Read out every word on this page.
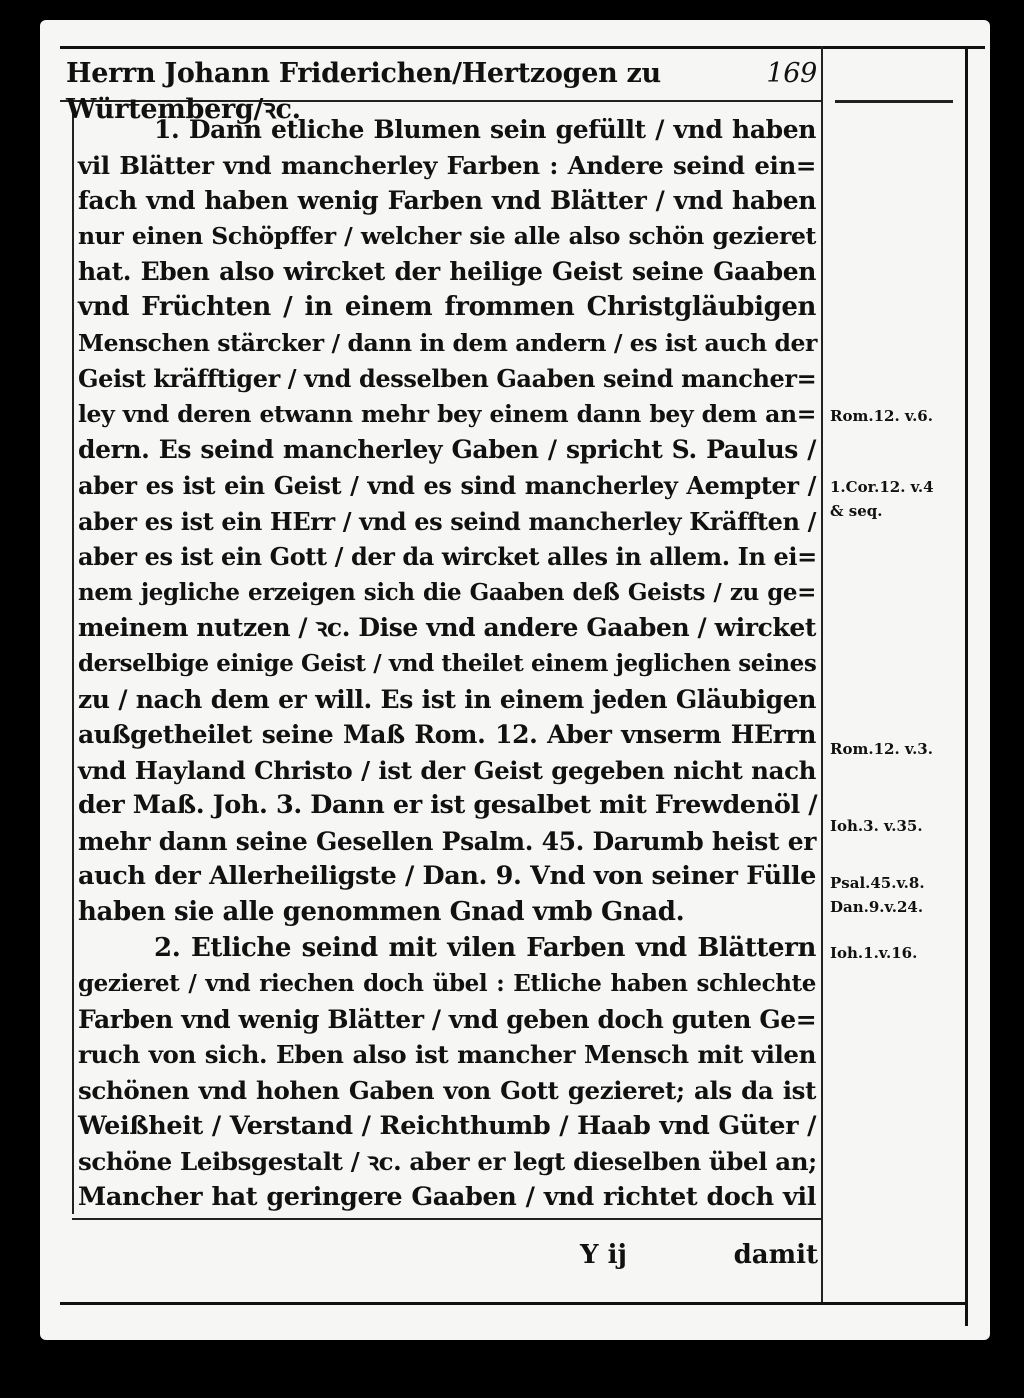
Herrn Johann Friderichen/Hertzogen zu Würtemberg/ꝛc.
169
1. Dann etliche Blumen sein gefüllt / vnd haben
vil Blätter vnd mancherley Farben : Andere seind ein=
fach vnd haben wenig Farben vnd Blätter / vnd haben
nur einen Schöpffer / welcher sie alle also schön gezieret
hat. Eben also wircket der heilige Geist seine Gaaben
vnd Früchten / in einem frommen Christgläubigen
Menschen stärcker / dann in dem andern / es ist auch der
Geist kräfftiger / vnd desselben Gaaben seind mancher=
ley vnd deren etwann mehr bey einem dann bey dem an=
dern. Es seind mancherley Gaben / spricht S. Paulus /
aber es ist ein Geist / vnd es sind mancherley Aempter /
aber es ist ein HErr / vnd es seind mancherley Kräfften /
aber es ist ein Gott / der da wircket alles in allem. In ei=
nem jegliche erzeigen sich die Gaaben deß Geists / zu ge=
meinem nutzen / ꝛc. Dise vnd andere Gaaben / wircket
derselbige einige Geist / vnd theilet einem jeglichen seines
zu / nach dem er will. Es ist in einem jeden Gläubigen
außgetheilet seine Maß Rom. 12. Aber vnserm HErrn
vnd Hayland Christo / ist der Geist gegeben nicht nach
der Maß. Joh. 3. Dann er ist gesalbet mit Frewdenöl /
mehr dann seine Gesellen Psalm. 45. Darumb heist er
auch der Allerheiligste / Dan. 9. Vnd von seiner Fülle
haben sie alle genommen Gnad vmb Gnad.
2. Etliche seind mit vilen Farben vnd Blättern
gezieret / vnd riechen doch übel : Etliche haben schlechte
Farben vnd wenig Blätter / vnd geben doch guten Ge=
ruch von sich. Eben also ist mancher Mensch mit vilen
schönen vnd hohen Gaben von Gott gezieret; als da ist
Weißheit / Verstand / Reichthumb / Haab vnd Güter /
schöne Leibsgestalt / ꝛc. aber er legt dieselben übel an;
Mancher hat geringere Gaaben / vnd richtet doch vil
Rom.12. v.6.
1.Cor.12. v.4
& seq.
Rom.12. v.3.
Ioh.3. v.35.
Psal.45.v.8.
Dan.9.v.24.
Ioh.1.v.16.
Y ij	damit
